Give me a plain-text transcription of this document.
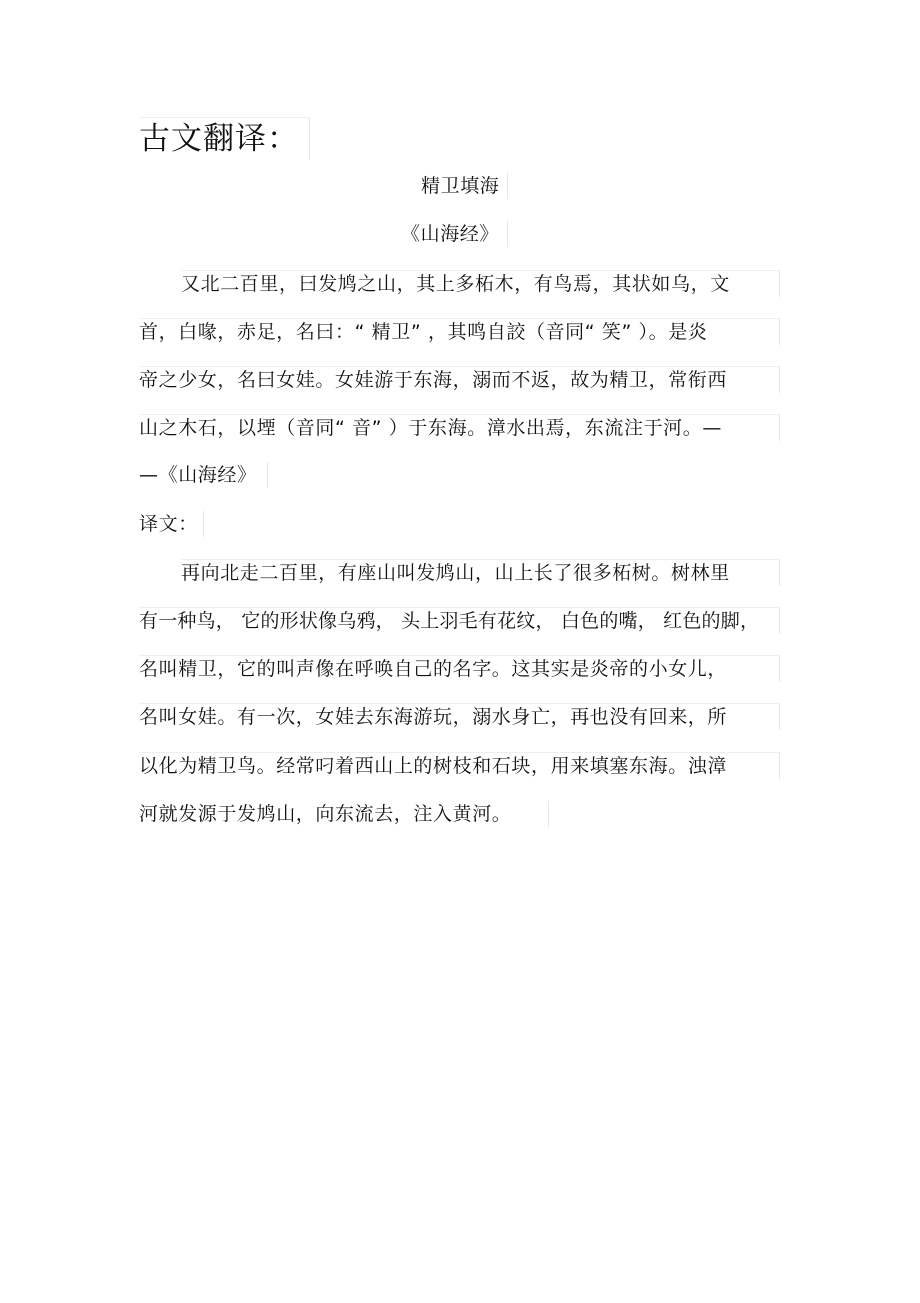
古文翻译：
精卫填海
《山海经》
又北二百里，曰发鸠之山，其上多柘木，有鸟焉，其状如乌，文
首，白喙，赤足，名曰：“ 精卫” ，其鸣自詨（音同“ 笑” ）。是炎
帝之少女，名曰女娃。女娃游于东海，溺而不返，故为精卫，常衔西
山之木石，以堙（音同“ 音” ）于东海。漳水出焉，东流注于河。—
—《山海经》
译文：
再向北走二百里，有座山叫发鸠山，山上长了很多柘树。树林里
有一种鸟， 它的形状像乌鸦， 头上羽毛有花纹， 白色的嘴， 红色的脚，
名叫精卫，它的叫声像在呼唤自己的名字。这其实是炎帝的小女儿，
名叫女娃。有一次，女娃去东海游玩，溺水身亡，再也没有回来，所
以化为精卫鸟。经常叼着西山上的树枝和石块，用来填塞东海。浊漳
河就发源于发鸠山，向东流去，注入黄河。
